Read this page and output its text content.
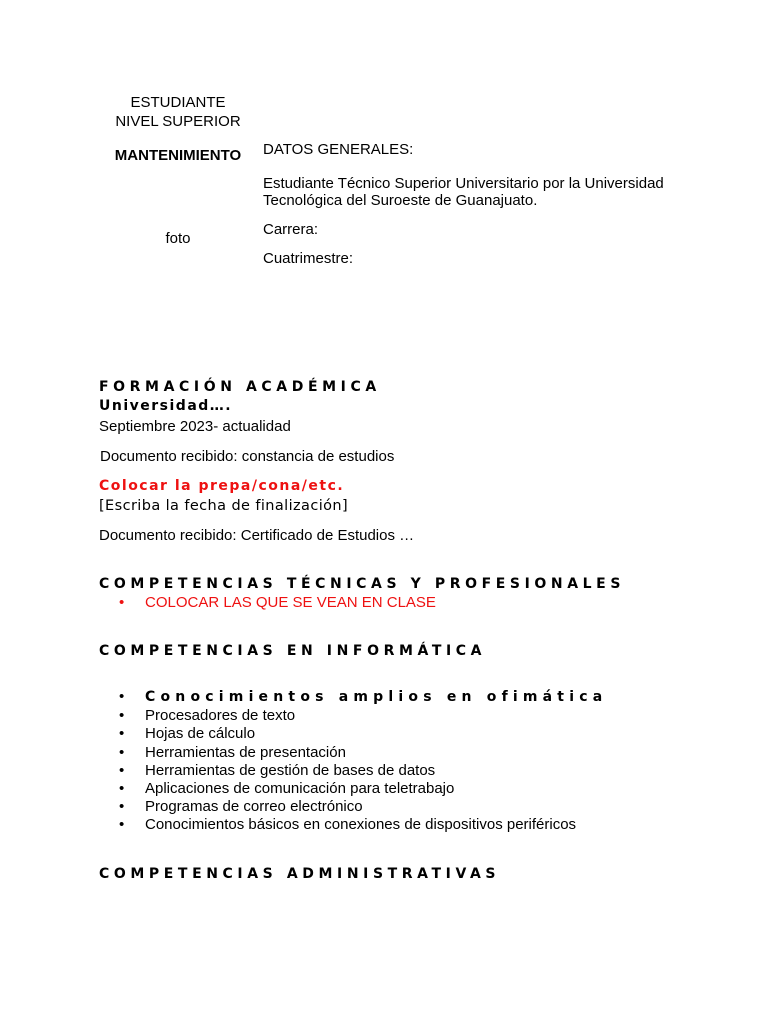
ESTUDIANTE
NIVEL SUPERIOR
MANTENIMIENTO
foto
DATOS GENERALES:
Estudiante Técnico Superior Universitario por la Universidad
Tecnológica del Suroeste de Guanajuato.
Carrera:
Cuatrimestre:
FORMACIÓN ACADÉMICA
Universidad….
Septiembre 2023- actualidad
Documento recibido: constancia de estudios
Colocar la prepa/cona/etc.
[Escriba la fecha de finalización]
Documento recibido: Certificado de Estudios …
COMPETENCIAS TÉCNICAS Y PROFESIONALES
• COLOCAR LAS QUE SE VEAN EN CLASE
COMPETENCIAS EN INFORMÁTICA
• Conocimientos amplios en ofimática
• Procesadores de texto
• Hojas de cálculo
• Herramientas de presentación
• Herramientas de gestión de bases de datos
• Aplicaciones de comunicación para teletrabajo
• Programas de correo electrónico
• Conocimientos básicos en conexiones de dispositivos periféricos
COMPETENCIAS ADMINISTRATIVAS
